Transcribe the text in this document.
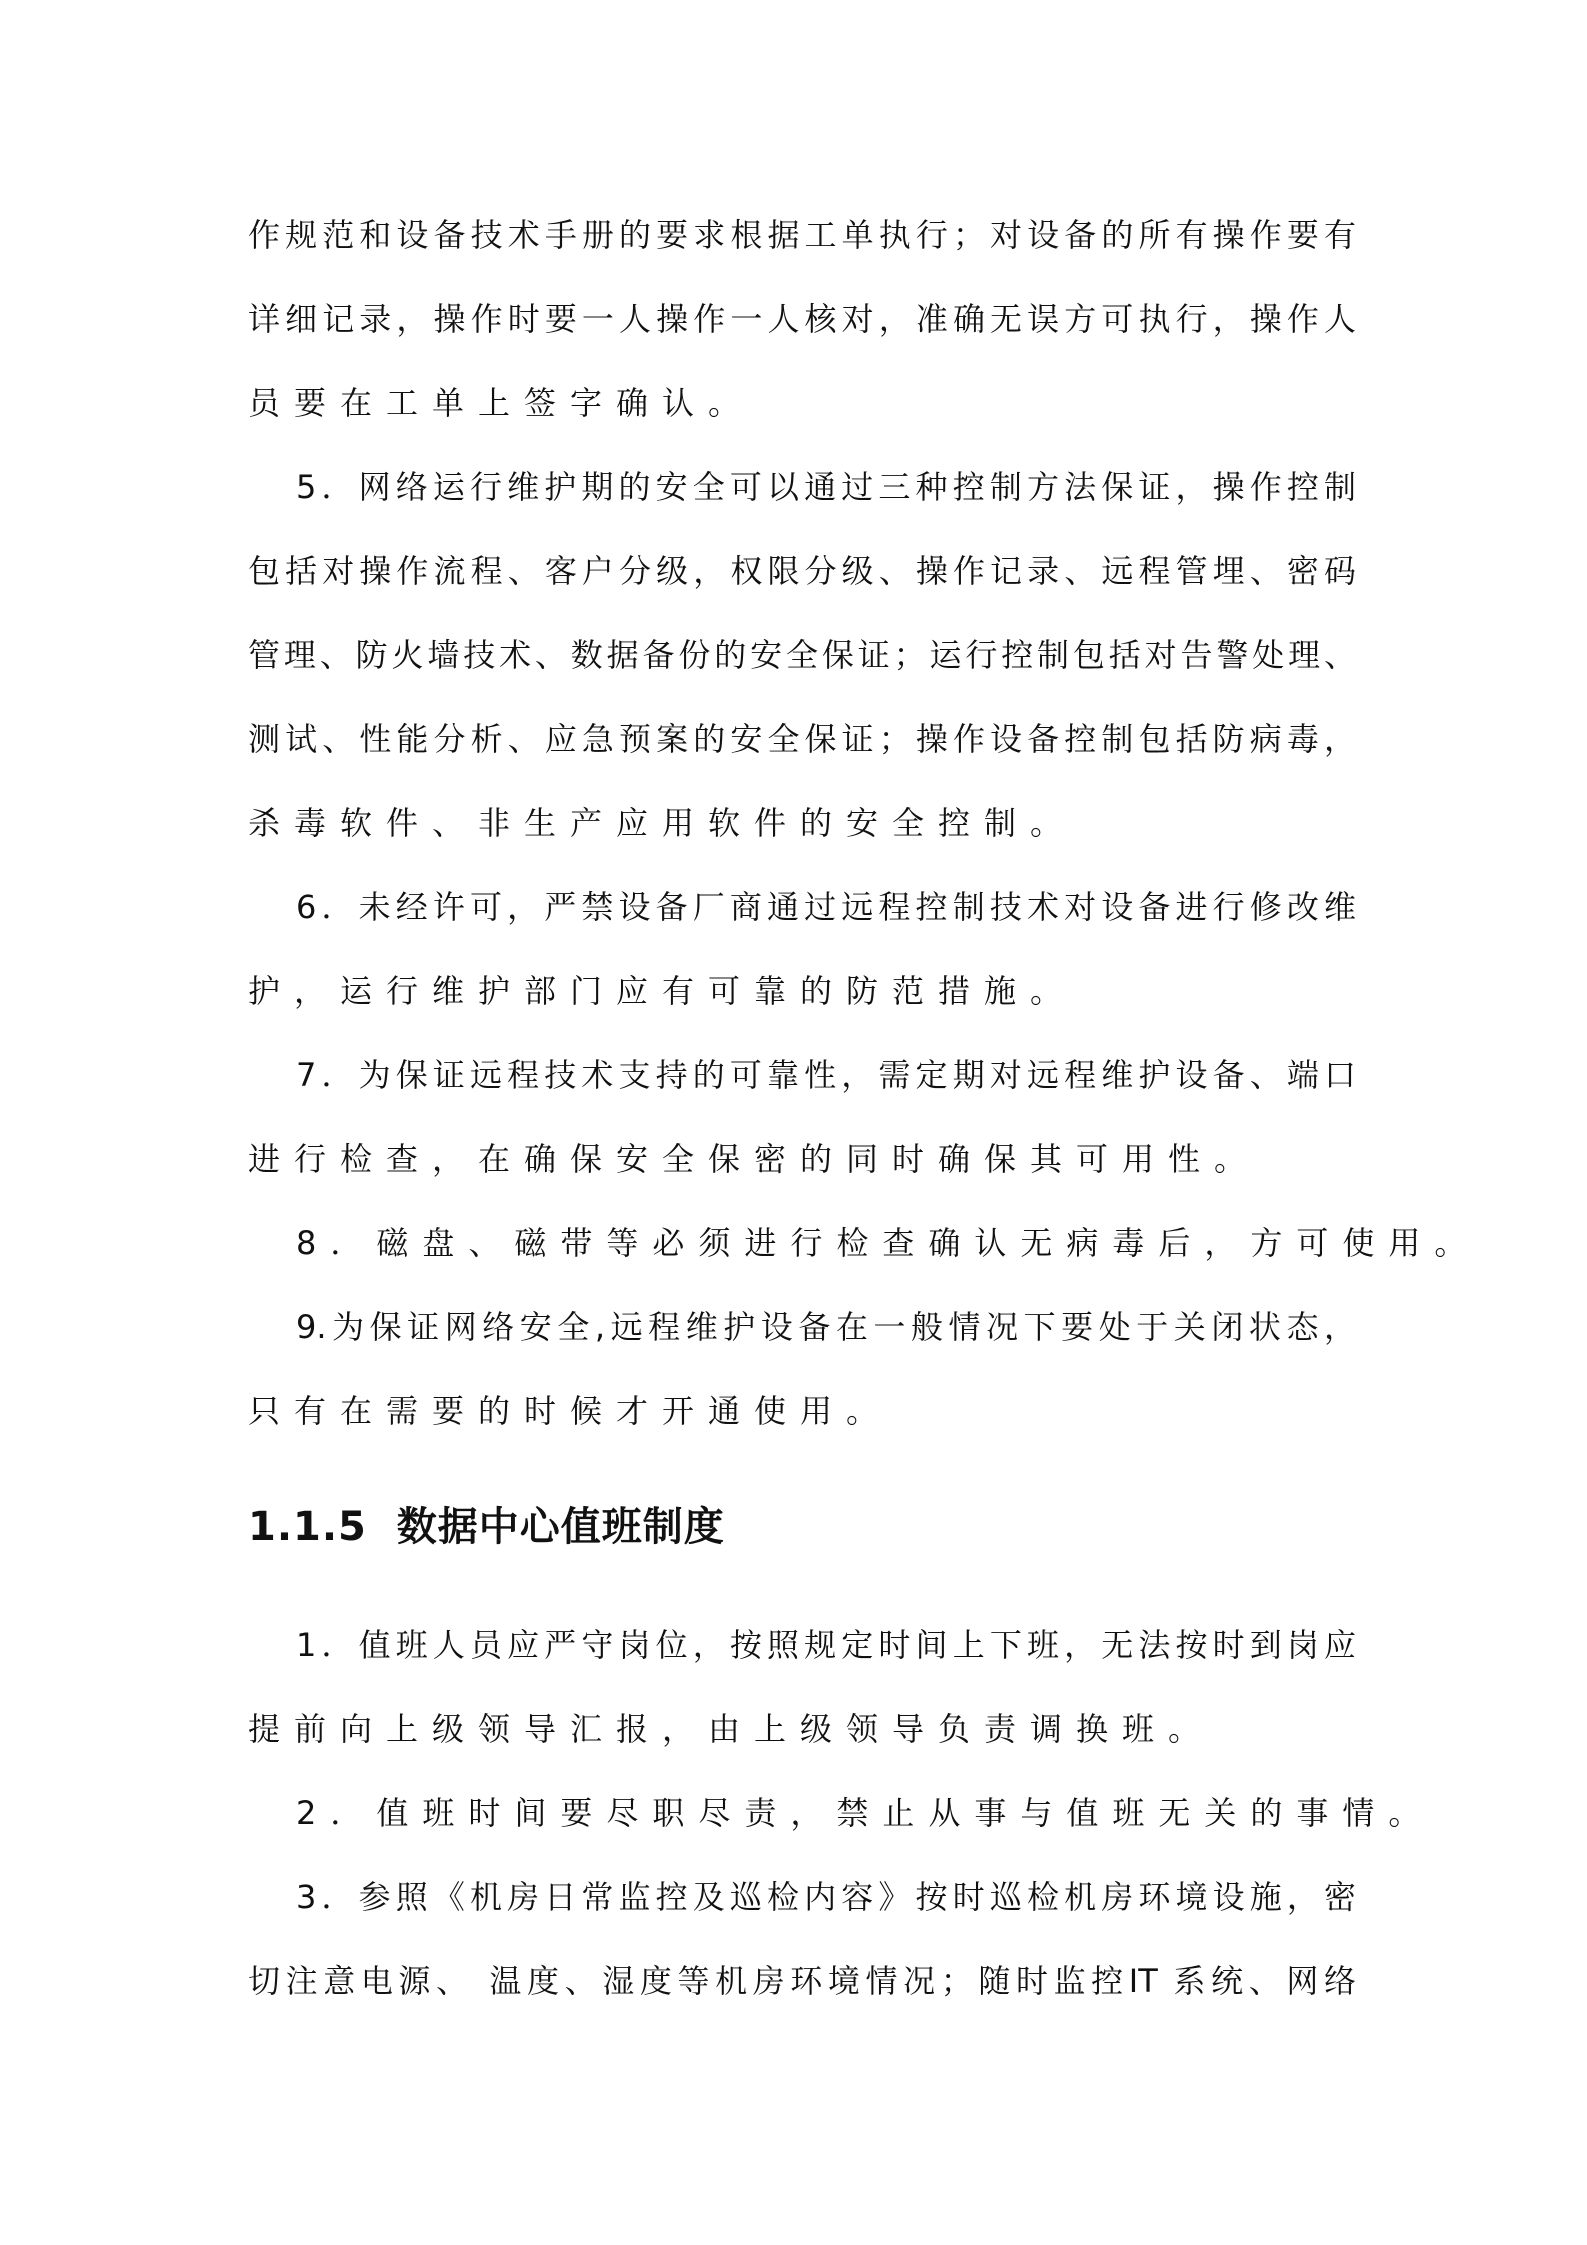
作规范和设备技术手册的要求根据工单执行；对设备的所有操作要有
详细记录，操作时要一人操作一人核对，准确无误方可执行，操作人
员要在工单上签字确认。
5．网络运行维护期的安全可以通过三种控制方法保证，操作控制
包括对操作流程、客户分级，权限分级、操作记录、远程管埋、密码
管理、防火墙技术、数据备份的安全保证；运行控制包括对告警处理、
测试、性能分析、应急预案的安全保证；操作设备控制包括防病毒，
杀毒软件、非生产应用软件的安全控制。
6．未经许可，严禁设备厂商通过远程控制技术对设备进行修改维
护，运行维护部门应有可靠的防范措施。
7．为保证远程技术支持的可靠性，需定期对远程维护设备、端口
进行检查，在确保安全保密的同时确保其可用性。
8．磁盘、磁带等必须进行检查确认无病毒后，方可使用。
9.为保证网络安全,远程维护设备在一般情况下要处于关闭状态，
只有在需要的时候才开通使用。
1.1.5  数据中心值班制度
1．值班人员应严守岗位，按照规定时间上下班，无法按时到岗应
提前向上级领导汇报，由上级领导负责调换班。
2．值班时间要尽职尽责，禁止从事与值班无关的事情。
3．参照《机房日常监控及巡检内容》按时巡检机房环境设施，密
切注意电源、 温度、湿度等机房环境情况；随时监控IT 系统、网络
